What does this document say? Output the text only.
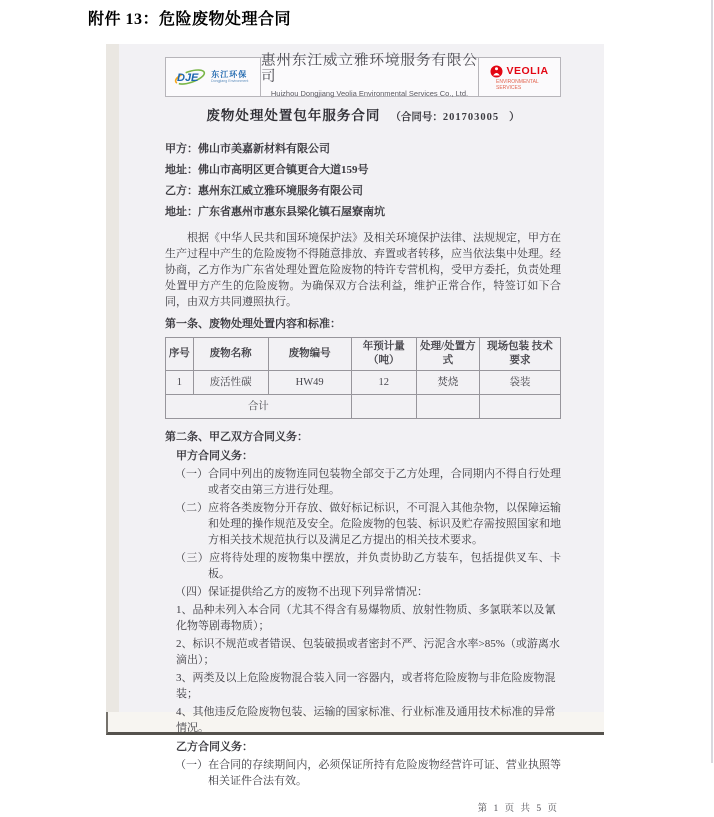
附件 13：危险废物处理合同
DJE 东江环保
Dongjiang Environment
惠州东江威立雅环境服务有限公司
Huizhou Dongjiang Veolia Environmental Services Co., Ltd.
VEOLIA
ENVIRONMENTAL SERVICES
废物处理处置包年服务合同 （合同号：201703005 ）
甲方：佛山市美嘉新材料有限公司
地址：佛山市高明区更合镇更合大道159号
乙方：惠州东江威立雅环境服务有限公司
地址：广东省惠州市惠东县梁化镇石屋寮南坑

根据《中华人民共和国环境保护法》及相关环境保护法律、法规规定，甲方在生产过程中产生的危险废物不得随意排放、弃置或者转移，应当依法集中处理。经协商，乙方作为广东省处理处置危险废物的特许专营机构，受甲方委托，负责处理处置甲方产生的危险废物。为确保双方合法利益，维护正常合作，特签订如下合同，由双方共同遵照执行。

第一条、废物处理处置内容和标准：
序号	废物名称	废物编号	年预计量 （吨）	处理/处置方式	现场包装 技术要求
1	废活性碳	HW49	12	焚烧	袋装
合计					
第二条、甲乙双方合同义务：
甲方合同义务：

（一）合同中列出的废物连同包装物全部交于乙方处理，合同期内不得自行处理或者交由第三方进行处理。

（二）应将各类废物分开存放、做好标记标识，不可混入其他杂物，以保障运输和处理的操作规范及安全。危险废物的包装、标识及贮存需按照国家和地方相关技术规范执行以及满足乙方提出的相关技术要求。

（三）应将待处理的废物集中摆放，并负责协助乙方装车，包括提供叉车、卡板。

（四）保证提供给乙方的废物不出现下列异常情况：

1、品种未列入本合同（尤其不得含有易爆物质、放射性物质、多氯联苯以及氰化物等剧毒物质）；

2、标识不规范或者错误、包装破损或者密封不严、污泥含水率>85%（或游离水滴出）；

3、两类及以上危险废物混合装入同一容器内，或者将危险废物与非危险废物混装；

4、其他违反危险废物包装、运输的国家标准、行业标准及通用技术标准的异常情况。

乙方合同义务：

（一）在合同的存续期间内，必须保证所持有危险废物经营许可证、营业执照等相关证件合法有效。

第 1 页 共 5 页
